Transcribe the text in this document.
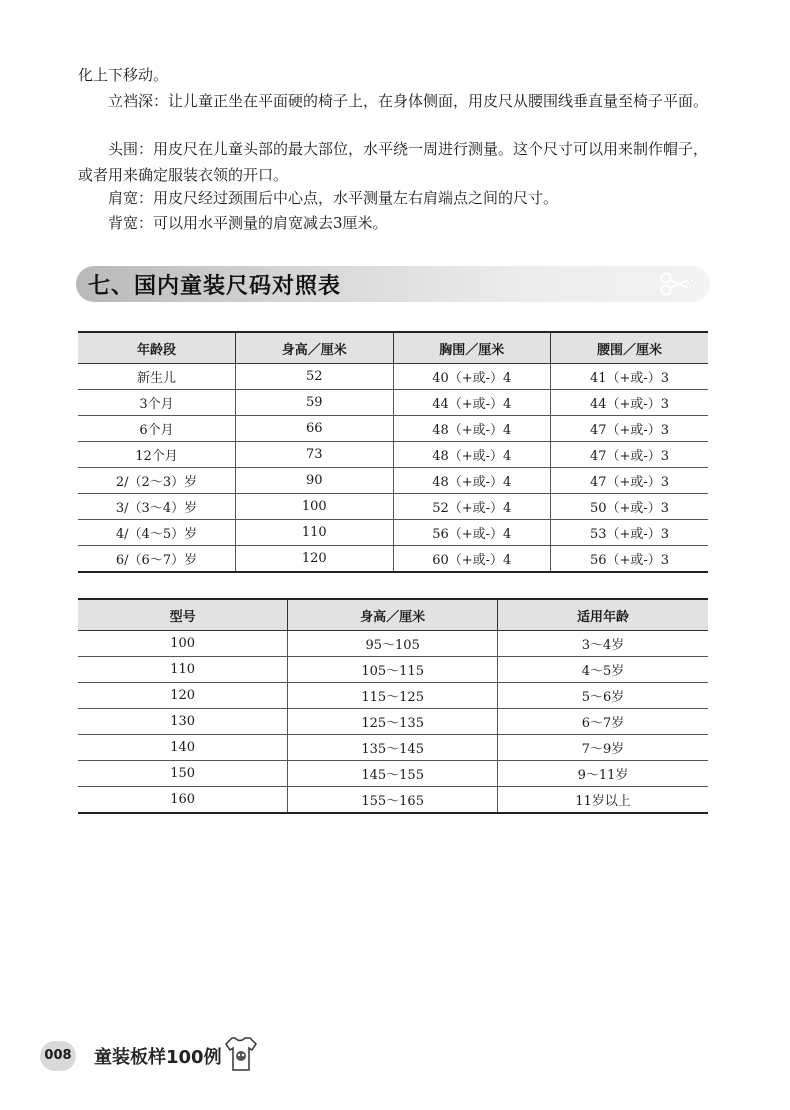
化上下移动。

立裆深：让儿童正坐在平面硬的椅子上，在身体侧面，用皮尺从腰围线垂直量至椅子平面。

头围：用皮尺在儿童头部的最大部位，水平绕一周进行测量。这个尺寸可以用来制作帽子，或者用来确定服装衣领的开口。

肩宽：用皮尺经过颈围后中心点，水平测量左右肩端点之间的尺寸。

背宽：可以用水平测量的肩宽减去3厘米。

七、国内童装尺码对照表
年龄段	身高／厘米	胸围／厘米	腰围／厘米
新生儿	52	40（+或-）4	41（+或-）3
3个月	59	44（+或-）4	44（+或-）3
6个月	66	48（+或-）4	47（+或-）3
12个月	73	48（+或-）4	47（+或-）3
2/（2～3）岁	90	48（+或-）4	47（+或-）3
3/（3～4）岁	100	52（+或-）4	50（+或-）3
4/（4～5）岁	110	56（+或-）4	53（+或-）3
6/（6～7）岁	120	60（+或-）4	56（+或-）3
型号	身高／厘米	适用年龄
100	95～105	3～4岁
110	105～115	4～5岁
120	115～125	5～6岁
130	125～135	6～7岁
140	135～145	7～9岁
150	145～155	9～11岁
160	155～165	11岁以上
008 童装板样100例
